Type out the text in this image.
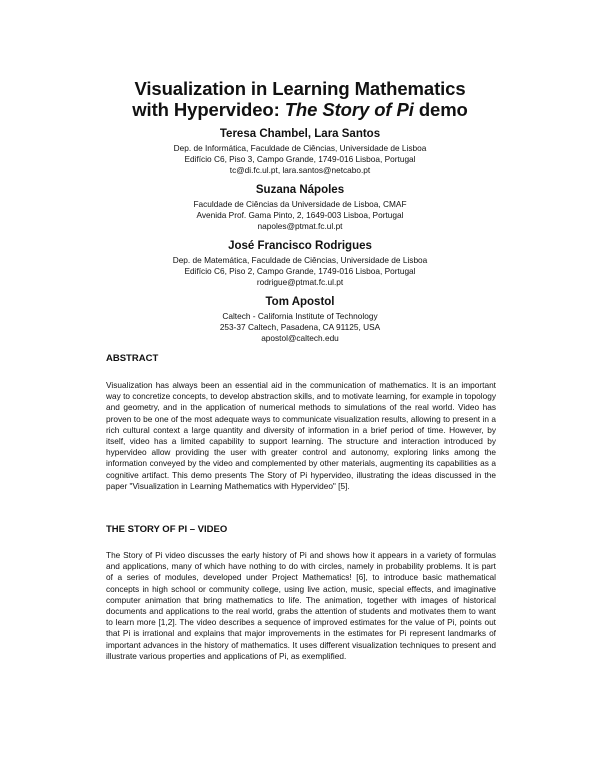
Visualization in Learning Mathematics
with Hypervideo: The Story of Pi demo
Teresa Chambel, Lara Santos
Dep. de Informática, Faculdade de Ciências, Universidade de Lisboa
Edifício C6, Piso 3, Campo Grande, 1749-016 Lisboa, Portugal
tc@di.fc.ul.pt, lara.santos@netcabo.pt
Suzana Nápoles
Faculdade de Ciências da Universidade de Lisboa, CMAF
Avenida Prof. Gama Pinto, 2, 1649-003 Lisboa, Portugal
napoles@ptmat.fc.ul.pt
José Francisco Rodrigues
Dep. de Matemática, Faculdade de Ciências, Universidade de Lisboa
Edifício C6, Piso 2, Campo Grande, 1749-016 Lisboa, Portugal
rodrigue@ptmat.fc.ul.pt
Tom Apostol
Caltech - California Institute of Technology
253-37 Caltech, Pasadena, CA 91125, USA
apostol@caltech.edu
ABSTRACT
Visualization has always been an essential aid in the communication of mathematics. It is an important way to concretize concepts, to develop abstraction skills, and to motivate learning, for example in topology and geometry, and in the application of numerical methods to simulations of the real world. Video has proven to be one of the most adequate ways to communicate visualization results, allowing to present in a rich cultural context a large quantity and diversity of information in a brief period of time. However, by itself, video has a limited capability to support learning. The structure and interaction introduced by hypervideo allow providing the user with greater control and autonomy, exploring links among the information conveyed by the video and complemented by other materials, augmenting its capabilities as a cognitive artifact. This demo presents The Story of Pi hypervideo, illustrating the ideas discussed in the paper "Visualization in Learning Mathematics with Hypervideo" [5].
THE STORY OF PI – VIDEO
The Story of Pi video discusses the early history of Pi and shows how it appears in a variety of formulas and applications, many of which have nothing to do with circles, namely in probability problems. It is part of a series of modules, developed under Project Mathematics! [6], to introduce basic mathematical concepts in high school or community college, using live action, music, special effects, and imaginative computer animation that bring mathematics to life. The animation, together with images of historical documents and applications to the real world, grabs the attention of students and motivates them to want to learn more [1,2]. The video describes a sequence of improved estimates for the value of Pi, points out that Pi is irrational and explains that major improvements in the estimates for Pi represent landmarks of important advances in the history of mathematics. It uses different visualization techniques to present and illustrate various properties and applications of Pi, as exemplified.
